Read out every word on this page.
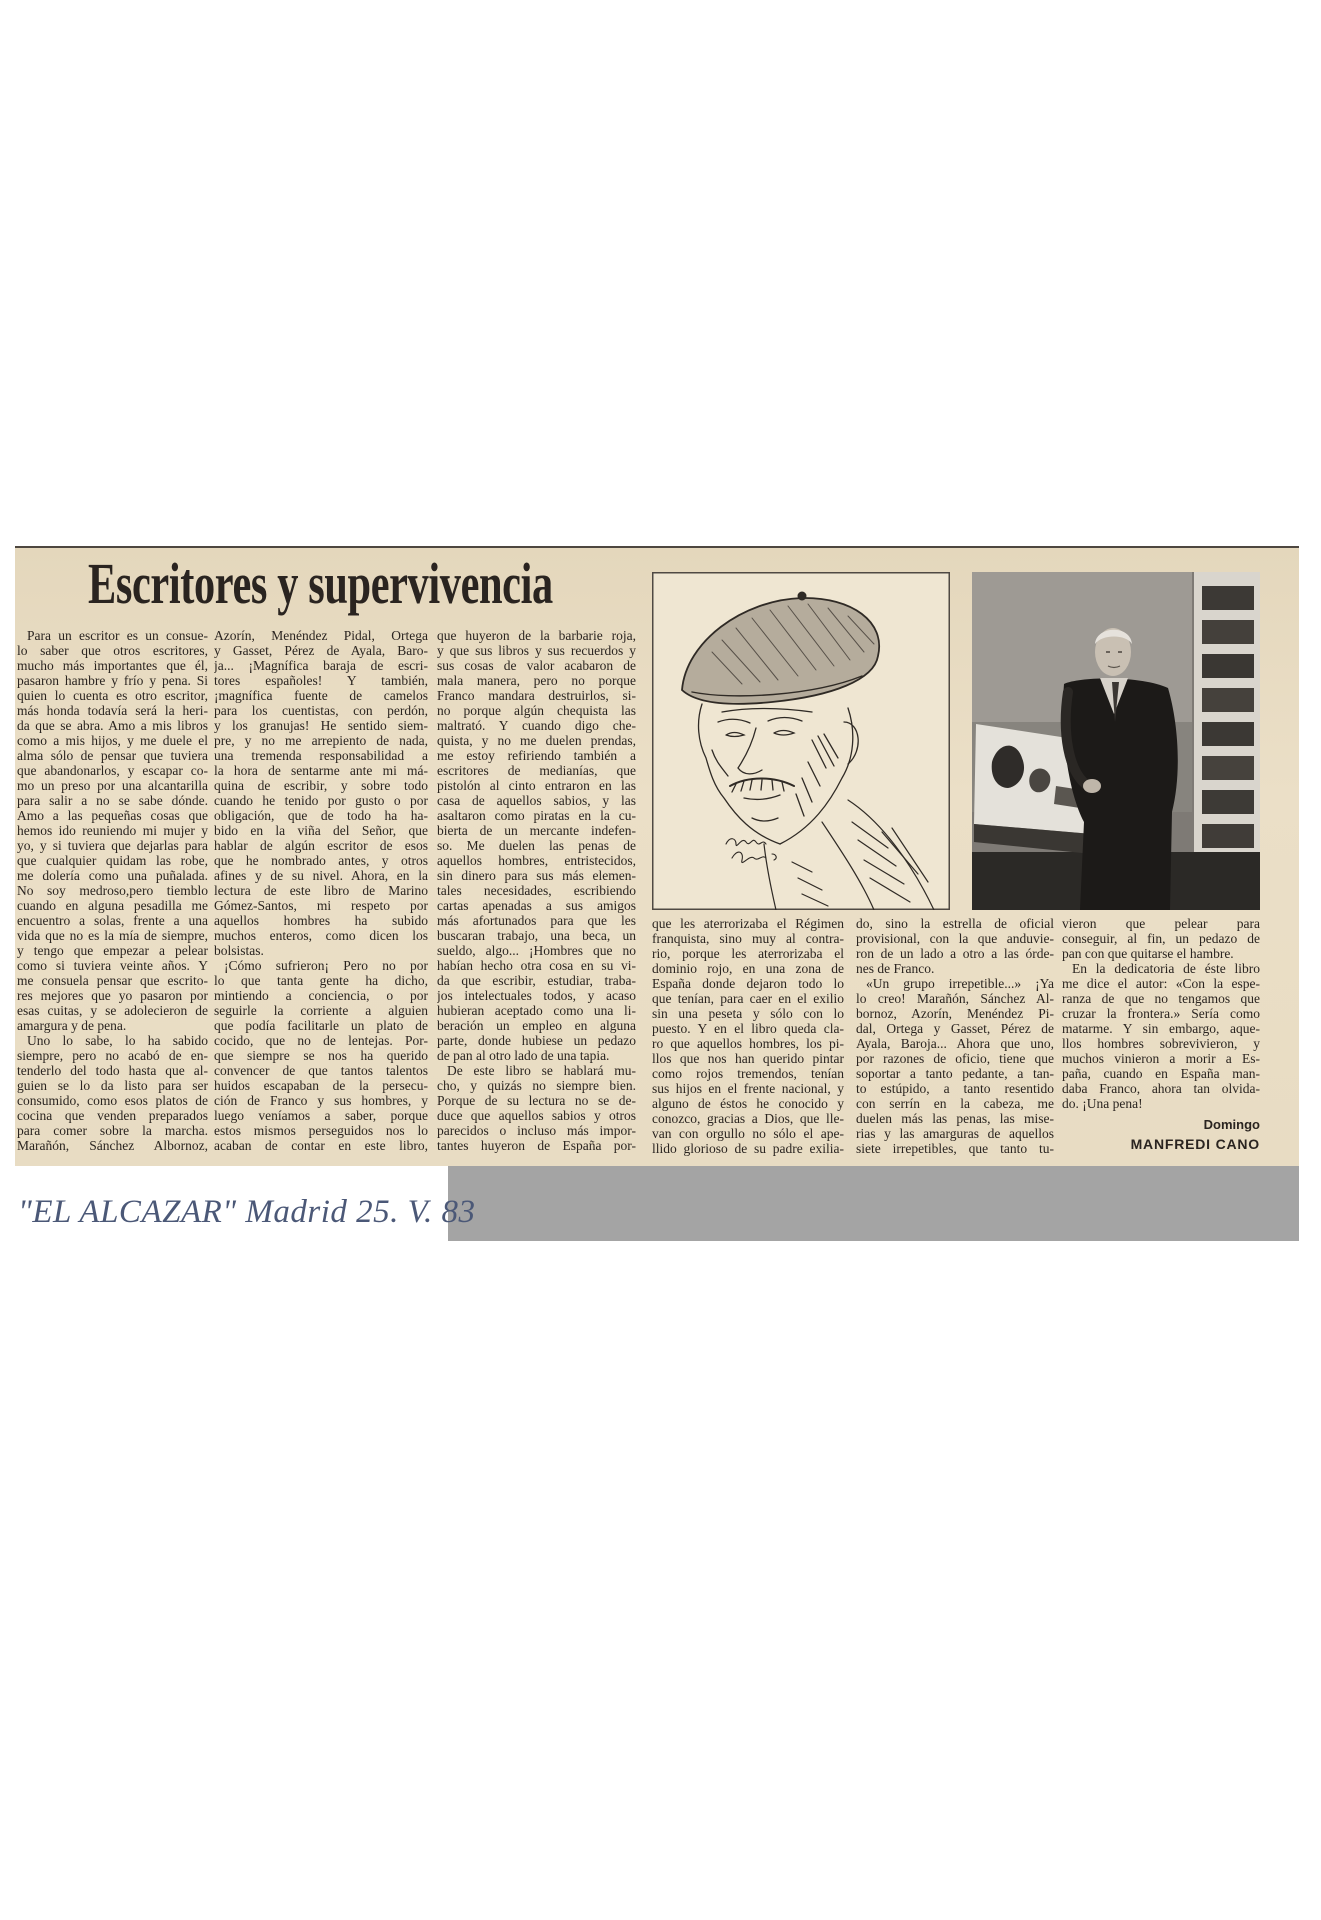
Escritores y supervivencia
Para un escritor es un consue-
lo saber que otros escritores,
mucho más importantes que él,
pasaron hambre y frío y pena. Si
quien lo cuenta es otro escritor,
más honda todavía será la heri-
da que se abra. Amo a mis libros
como a mis hijos, y me duele el
alma sólo de pensar que tuviera
que abandonarlos, y escapar co-
mo un preso por una alcantarilla
para salir a no se sabe dónde.
Amo a las pequeñas cosas que
hemos ido reuniendo mi mujer y
yo, y si tuviera que dejarlas para
que cualquier quidam las robe,
me dolería como una puñalada.
No soy medroso,pero tiemblo
cuando en alguna pesadilla me
encuentro a solas, frente a una
vida que no es la mía de siempre,
y tengo que empezar a pelear
como si tuviera veinte años. Y
me consuela pensar que escrito-
res mejores que yo pasaron por
esas cuitas, y se adolecieron de
amargura y de pena.
Uno lo sabe, lo ha sabido
siempre, pero no acabó de en-
tenderlo del todo hasta que al-
guien se lo da listo para ser
consumido, como esos platos de
cocina que venden preparados
para comer sobre la marcha.
Marañón, Sánchez Albornoz,
Azorín, Menéndez Pidal, Ortega
y Gasset, Pérez de Ayala, Baro-
ja... ¡Magnífica baraja de escri-
tores españoles! Y también,
¡magnífica fuente de camelos
para los cuentistas, con perdón,
y los granujas! He sentido siem-
pre, y no me arrepiento de nada,
una tremenda responsabilidad a
la hora de sentarme ante mi má-
quina de escribir, y sobre todo
cuando he tenido por gusto o por
obligación, que de todo ha ha-
bido en la viña del Señor, que
hablar de algún escritor de esos
que he nombrado antes, y otros
afines y de su nivel. Ahora, en la
lectura de este libro de Marino
Gómez-Santos, mi respeto por
aquellos hombres ha subido
muchos enteros, como dicen los
bolsistas.
¡Cómo sufrieron¡ Pero no por
lo que tanta gente ha dicho,
mintiendo a conciencia, o por
seguirle la corriente a alguien
que podía facilitarle un plato de
cocido, que no de lentejas. Por-
que siempre se nos ha querido
convencer de que tantos talentos
huidos escapaban de la persecu-
ción de Franco y sus hombres, y
luego veníamos a saber, porque
estos mismos perseguidos nos lo
acaban de contar en este libro,
que huyeron de la barbarie roja,
y que sus libros y sus recuerdos y
sus cosas de valor acabaron de
mala manera, pero no porque
Franco mandara destruirlos, si-
no porque algún chequista las
maltrató. Y cuando digo che-
quista, y no me duelen prendas,
me estoy refiriendo también a
escritores de medianías, que
pistolón al cinto entraron en las
casa de aquellos sabios, y las
asaltaron como piratas en la cu-
bierta de un mercante indefen-
so. Me duelen las penas de
aquellos hombres, entristecidos,
sin dinero para sus más elemen-
tales necesidades, escribiendo
cartas apenadas a sus amigos
más afortunados para que les
buscaran trabajo, una beca, un
sueldo, algo... ¡Hombres que no
habían hecho otra cosa en su vi-
da que escribir, estudiar, traba-
jos intelectuales todos, y acaso
hubieran aceptado como una li-
beración un empleo en alguna
parte, donde hubiese un pedazo
de pan al otro lado de una tapia.
De este libro se hablará mu-
cho, y quizás no siempre bien.
Porque de su lectura no se de-
duce que aquellos sabios y otros
parecidos o incluso más impor-
tantes huyeron de España por-
que les aterrorizaba el Régimen
franquista, sino muy al contra-
rio, porque les aterrorizaba el
dominio rojo, en una zona de
España donde dejaron todo lo
que tenían, para caer en el exilio
sin una peseta y sólo con lo
puesto. Y en el libro queda cla-
ro que aquellos hombres, los pi-
llos que nos han querido pintar
como rojos tremendos, tenían
sus hijos en el frente nacional, y
alguno de éstos he conocido y
conozco, gracias a Dios, que lle-
van con orgullo no sólo el ape-
llido glorioso de su padre exilia-
do, sino la estrella de oficial
provisional, con la que anduvie-
ron de un lado a otro a las órde-
nes de Franco.
«Un grupo irrepetible...» ¡Ya
lo creo! Marañón, Sánchez Al-
bornoz, Azorín, Menéndez Pi-
dal, Ortega y Gasset, Pérez de
Ayala, Baroja... Ahora que uno,
por razones de oficio, tiene que
soportar a tanto pedante, a tan-
to estúpido, a tanto resentido
con serrín en la cabeza, me
duelen más las penas, las mise-
rias y las amarguras de aquellos
siete irrepetibles, que tanto tu-
vieron que pelear para
conseguir, al fin, un pedazo de
pan con que quitarse el hambre.
En la dedicatoria de éste libro
me dice el autor: «Con la espe-
ranza de que no tengamos que
cruzar la frontera.» Sería como
matarme. Y sin embargo, aque-
llos hombres sobrevivieron, y
muchos vinieron a morir a Es-
paña, cuando en España man-
daba Franco, ahora tan olvida-
do. ¡Una pena!
Domingo
MANFREDI CANO
"EL ALCAZAR" Madrid 25. V. 83
